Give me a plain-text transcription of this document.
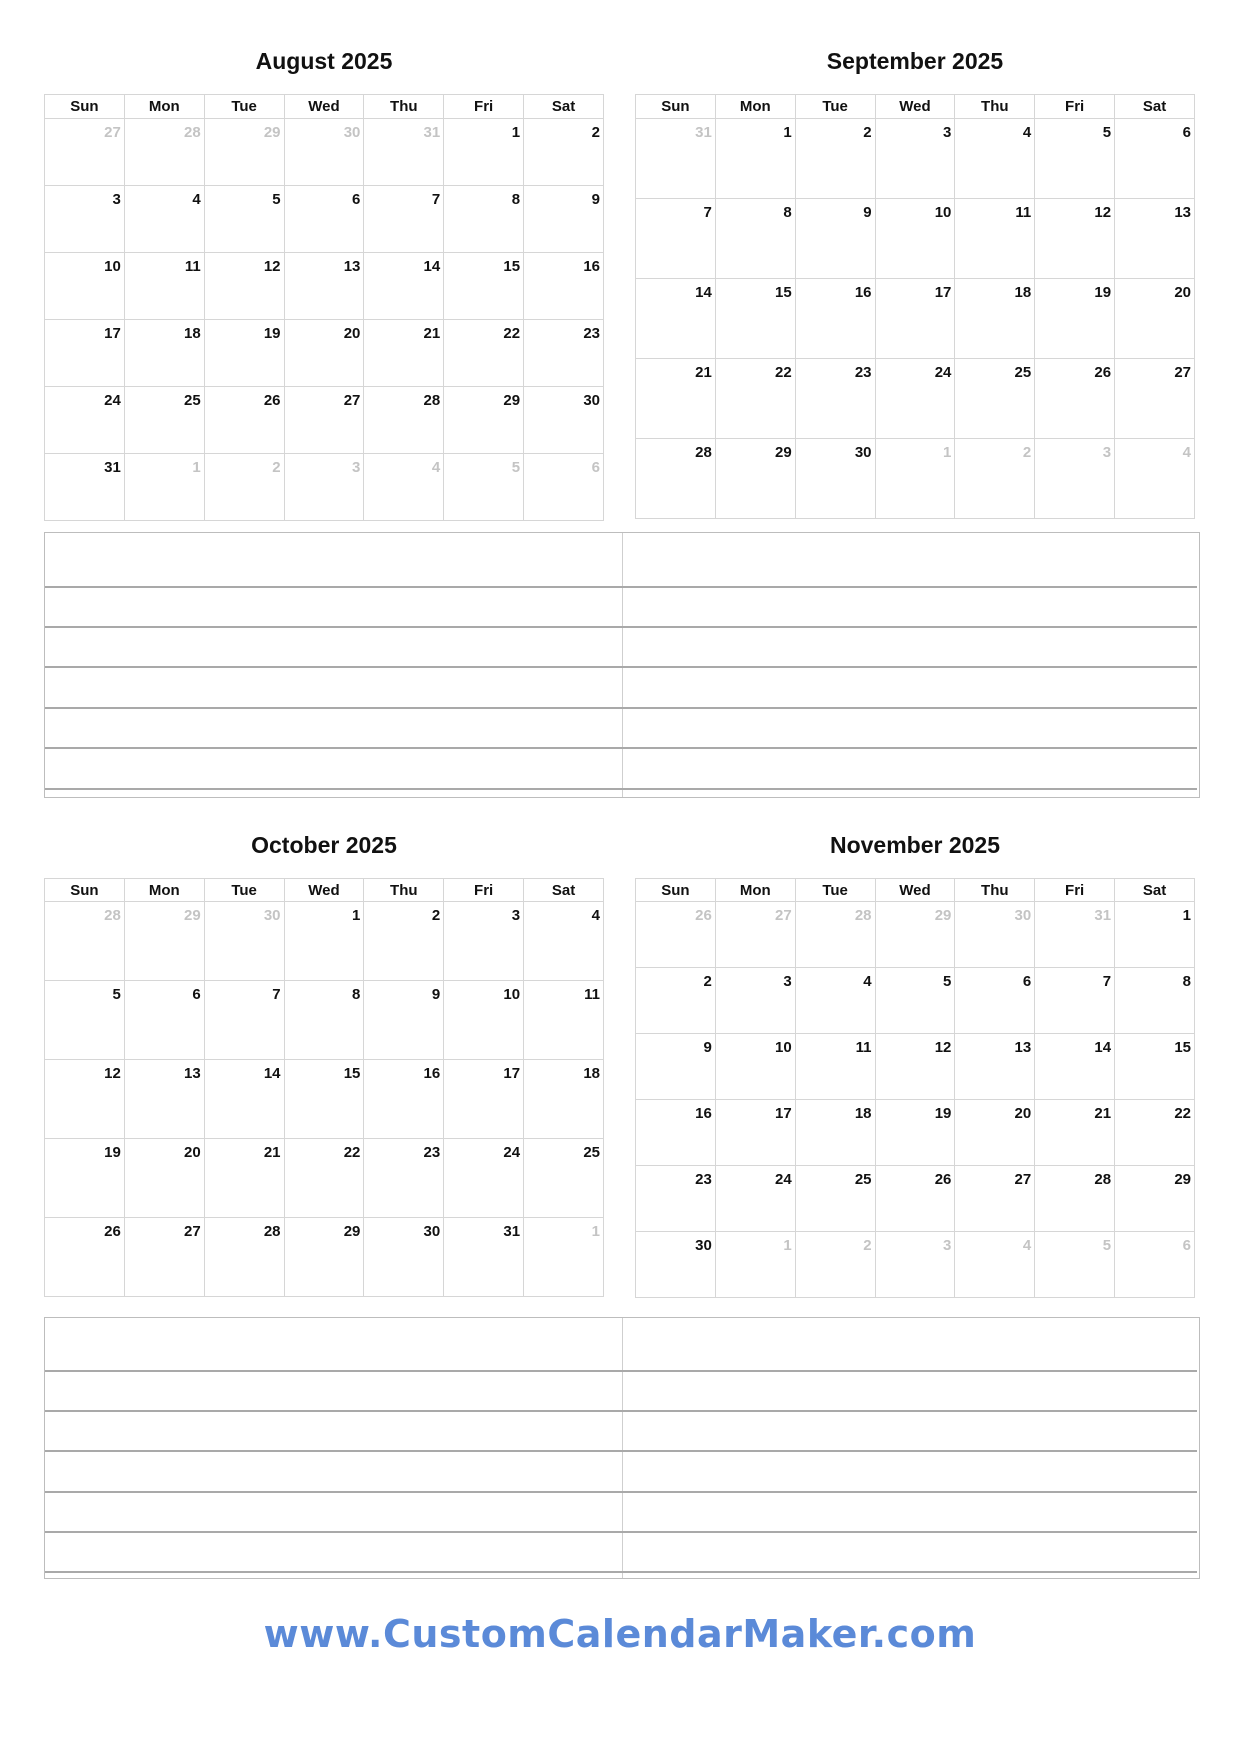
August 2025
Sun	Mon	Tue	Wed	Thu	Fri	Sat
27	28	29	30	31	1	2
3	4	5	6	7	8	9
10	11	12	13	14	15	16
17	18	19	20	21	22	23
24	25	26	27	28	29	30
31	1	2	3	4	5	6
September 2025
Sun	Mon	Tue	Wed	Thu	Fri	Sat
31	1	2	3	4	5	6
7	8	9	10	11	12	13
14	15	16	17	18	19	20
21	22	23	24	25	26	27
28	29	30	1	2	3	4
October 2025
Sun	Mon	Tue	Wed	Thu	Fri	Sat
28	29	30	1	2	3	4
5	6	7	8	9	10	11
12	13	14	15	16	17	18
19	20	21	22	23	24	25
26	27	28	29	30	31	1
November 2025
Sun	Mon	Tue	Wed	Thu	Fri	Sat
26	27	28	29	30	31	1
2	3	4	5	6	7	8
9	10	11	12	13	14	15
16	17	18	19	20	21	22
23	24	25	26	27	28	29
30	1	2	3	4	5	6
www.CustomCalendarMaker.com
